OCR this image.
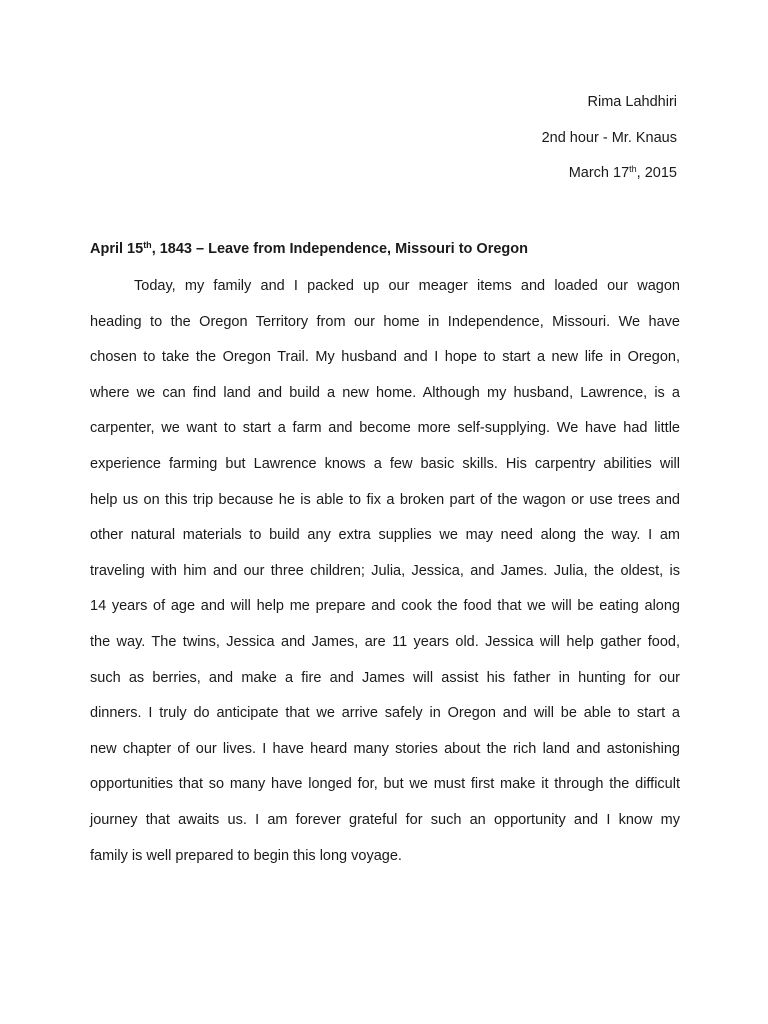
Rima Lahdhiri
2nd hour - Mr. Knaus
March 17th, 2015
April 15th, 1843 – Leave from Independence, Missouri to Oregon
Today, my family and I packed up our meager items and loaded our wagon
heading to the Oregon Territory from our home in Independence, Missouri. We have
chosen to take the Oregon Trail. My husband and I hope to start a new life in Oregon,
where we can find land and build a new home. Although my husband, Lawrence, is a
carpenter, we want to start a farm and become more self-supplying. We have had little
experience farming but Lawrence knows a few basic skills. His carpentry abilities will
help us on this trip because he is able to fix a broken part of the wagon or use trees and
other natural materials to build any extra supplies we may need along the way. I am
traveling with him and our three children; Julia, Jessica, and James. Julia, the oldest, is
14 years of age and will help me prepare and cook the food that we will be eating along
the way. The twins, Jessica and James, are 11 years old. Jessica will help gather food,
such as berries, and make a fire and James will assist his father in hunting for our
dinners. I truly do anticipate that we arrive safely in Oregon and will be able to start a
new chapter of our lives. I have heard many stories about the rich land and astonishing
opportunities that so many have longed for, but we must first make it through the difficult
journey that awaits us. I am forever grateful for such an opportunity and I know my
family is well prepared to begin this long voyage.
